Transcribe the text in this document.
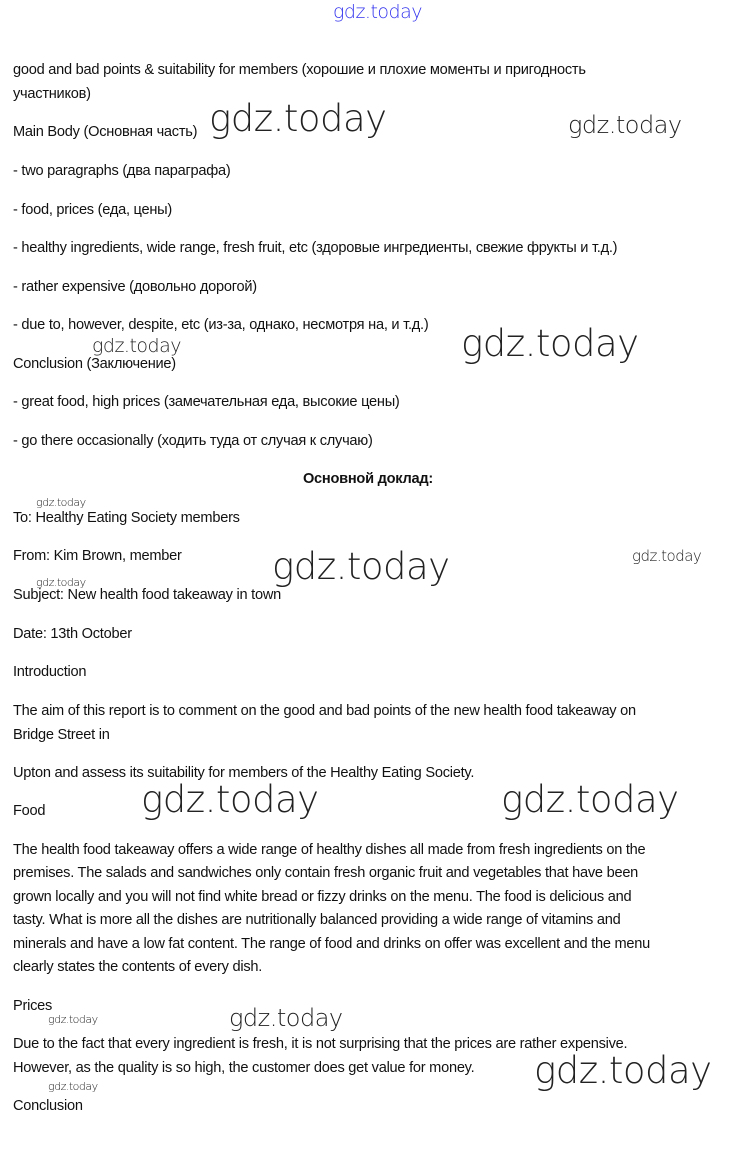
gdz.today
gdz.today	gdz.today
gdz.today	gdz.today
gdz.today
gdz.today	gdz.today
gdz.today
gdz.today	gdz.today
gdz.today	gdz.today
gdz.today
gdz.today
good and bad points & suitability for members (хорошие и плохие моменты и пригодность
участников)
Main Body (Основная часть)
- two paragraphs (два параграфа)
- food, prices (еда, цены)
- healthy ingredients, wide range, fresh fruit, etc (здоровые ингредиенты, свежие фрукты и т.д.)
- rather expensive (довольно дорогой)
- due to, however, despite, etc (из-за, однако, несмотря на, и т.д.)
Conclusion (Заключение)
- great food, high prices (замечательная еда, высокие цены)
- go there occasionally (ходить туда от случая к случаю)
Основной доклад:
To: Healthy Eating Society members
From: Kim Brown, member
Subject: New health food takeaway in town
Date: 13th October
Introduction
The aim of this report is to comment on the good and bad points of the new health food takeaway on
Bridge Street in
Upton and assess its suitability for members of the Healthy Eating Society.
Food
The health food takeaway offers a wide range of healthy dishes all made from fresh ingredients on the
premises. The salads and sandwiches only contain fresh organic fruit and vegetables that have been
grown locally and you will not find white bread or fizzy drinks on the menu. The food is delicious and
tasty. What is more all the dishes are nutritionally balanced providing a wide range of vitamins and
minerals and have a low fat content. The range of food and drinks on offer was excellent and the menu
clearly states the contents of every dish.
Prices
Due to the fact that every ingredient is fresh, it is not surprising that the prices are rather expensive.
However, as the quality is so high, the customer does get value for money.
Conclusion
